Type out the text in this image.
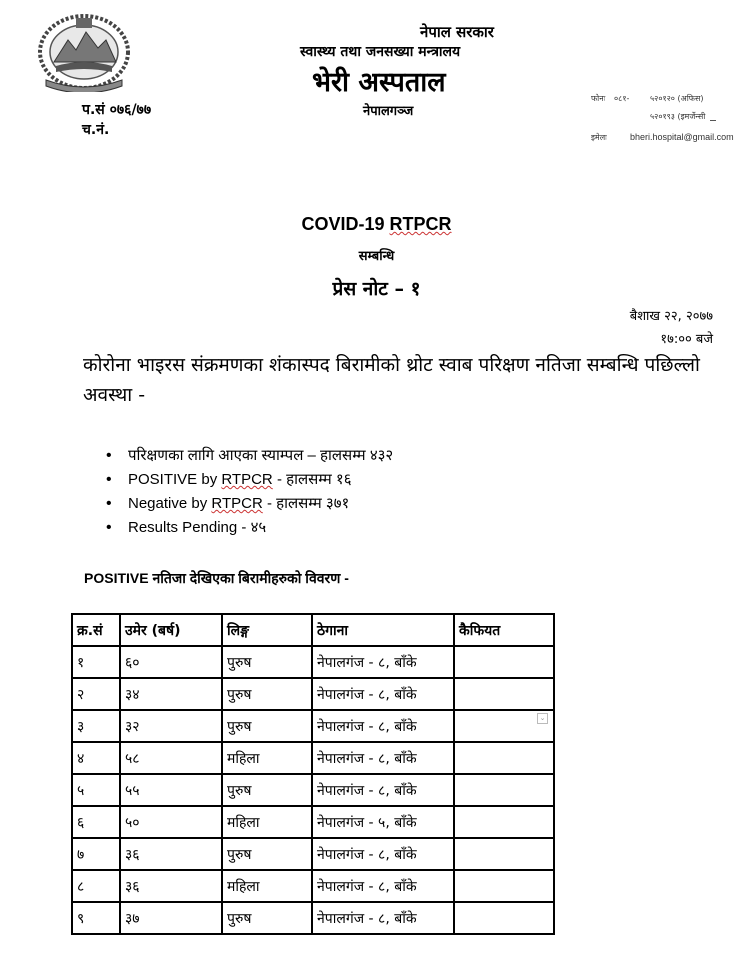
नेपाल सरकार
स्वास्थ्य तथा जनसख्या मन्त्रालय
भेरी अस्पताल
नेपालगञ्ज
प.सं ०७६/७७
च.नं.
फोनः ०८१-	५२०१२० (अफिस)
५२०१९३ (इमर्जेन्सी
इमेलः	bheri.hospital@gmail.com
COVID-19 RTPCR
सम्बन्धि
प्रेस नोट – १
बैशाख २२, २०७७
१७:०० बजे
कोरोना भाइरस संक्रमणका शंकास्पद बिरामीको थ्रोट स्वाब परिक्षण नतिजा सम्बन्धि पछिल्लो अवस्था -
• परिक्षणका लागि आएका स्याम्पल – हालसम्म ४३२
• POSITIVE by RTPCR - हालसम्म १६
• Negative by RTPCR - हालसम्म ३७१
• Results Pending - ४५
POSITIVE नतिजा देखिएका बिरामीहरुको विवरण -
क्र.सं	उमेर (बर्ष)	लिङ्ग	ठेगाना	कैफियत
१	६०	पुरुष	नेपालगंज - ८, बाँके	
२	३४	पुरुष	नेपालगंज - ८, बाँके	
३	३२	पुरुष	नेपालगंज - ८, बाँके	
४	५८	महिला	नेपालगंज - ८, बाँके	
५	५५	पुरुष	नेपालगंज - ८, बाँके	
६	५०	महिला	नेपालगंज - ५, बाँके	
७	३६	पुरुष	नेपालगंज - ८, बाँके	
८	३६	महिला	नेपालगंज - ८, बाँके	
९	३७	पुरुष	नेपालगंज - ८, बाँके	
⌄
